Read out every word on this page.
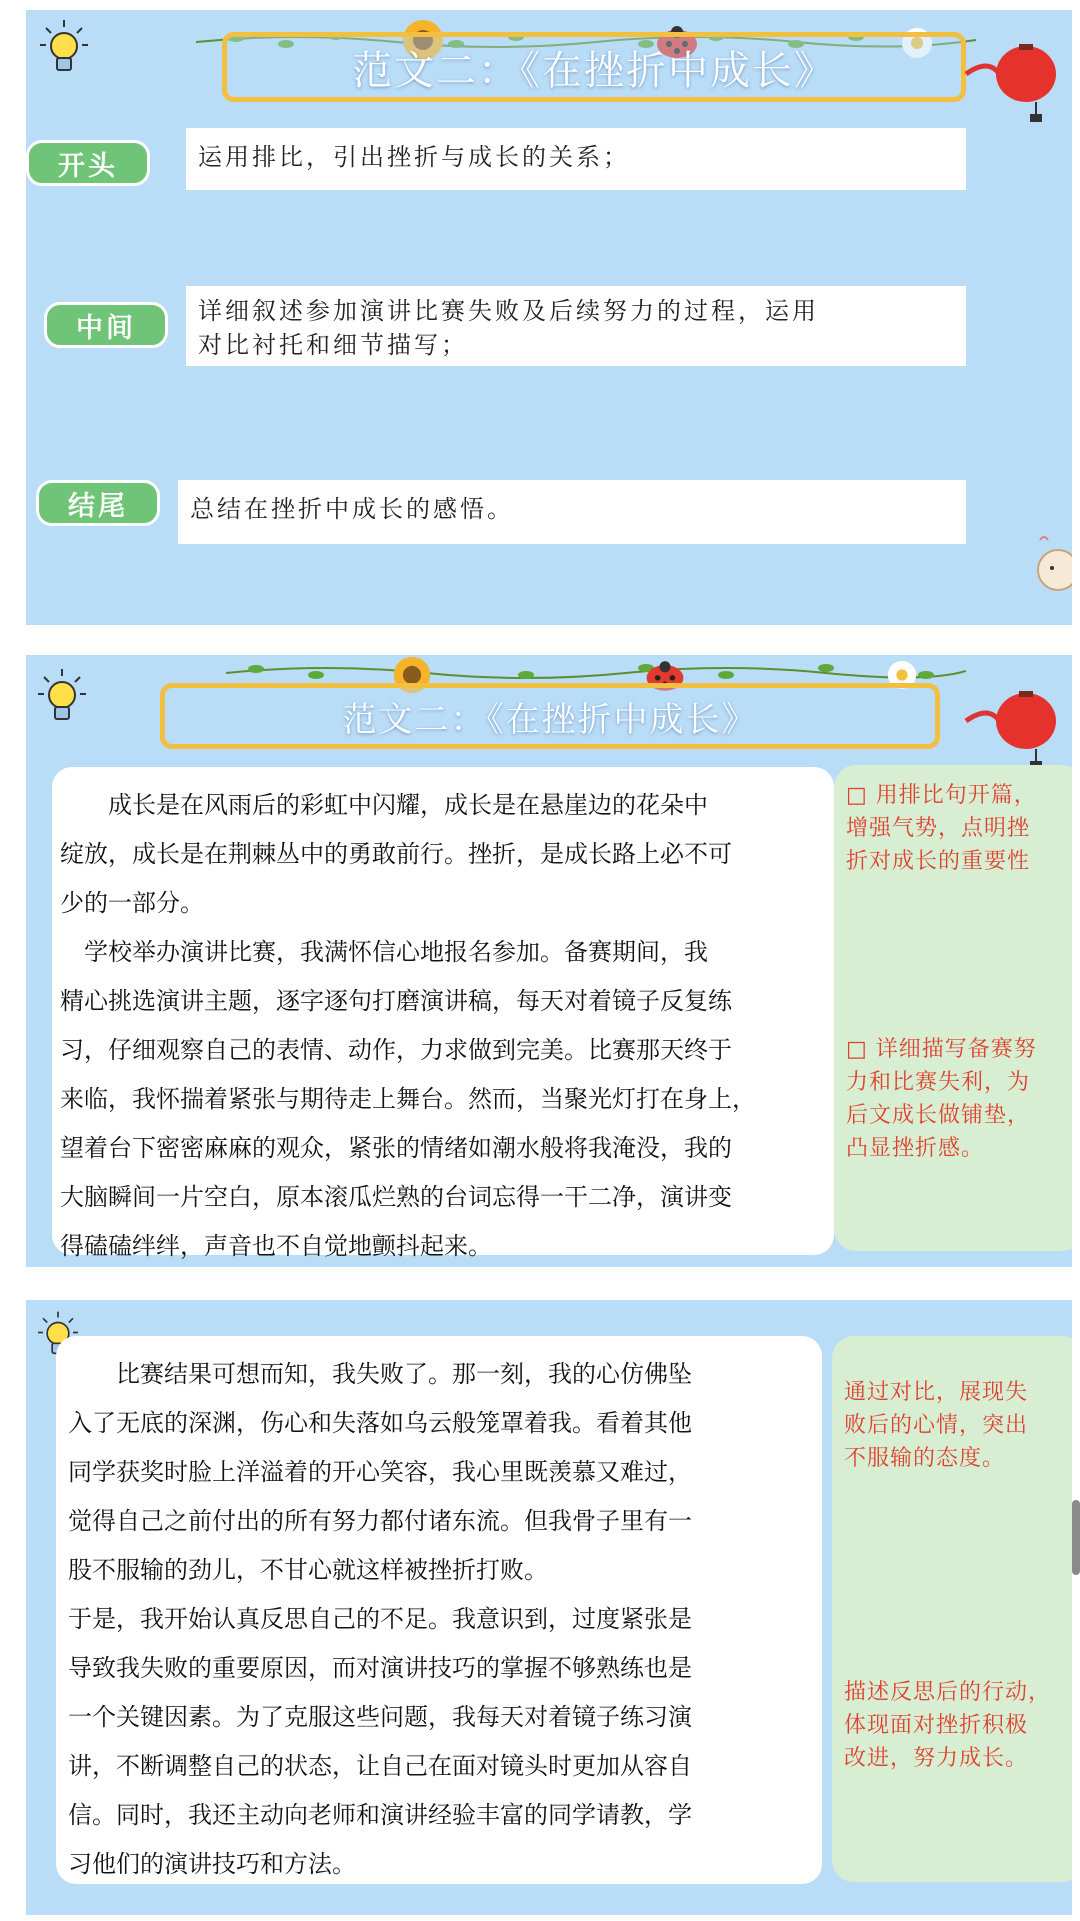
范文二：《在挫折中成长》
开头	运用排比，引出挫折与成长的关系；
中间
详细叙述参加演讲比赛失败及后续努力的过程，运用
对比衬托和细节描写；
结尾	总结在挫折中成长的感悟。
范文二：《在挫折中成长》

成长是在风雨后的彩虹中闪耀，成长是在悬崖边的花朵中

绽放，成长是在荆棘丛中的勇敢前行。挫折，是成长路上必不可

少的一部分。

学校举办演讲比赛，我满怀信心地报名参加。备赛期间，我

精心挑选演讲主题，逐字逐句打磨演讲稿，每天对着镜子反复练

习，仔细观察自己的表情、动作，力求做到完美。比赛那天终于

来临，我怀揣着紧张与期待走上舞台。然而，当聚光灯打在身上，

望着台下密密麻麻的观众，紧张的情绪如潮水般将我淹没，我的

大脑瞬间一片空白，原本滚瓜烂熟的台词忘得一干二净，演讲变

得磕磕绊绊，声音也不自觉地颤抖起来。

□ 用排比句开篇，

增强气势，点明挫

折对成长的重要性

□ 详细描写备赛努

力和比赛失利，为

后文成长做铺垫，

凸显挫折感。

比赛结果可想而知，我失败了。那一刻，我的心仿佛坠

入了无底的深渊，伤心和失落如乌云般笼罩着我。看着其他

同学获奖时脸上洋溢着的开心笑容，我心里既羡慕又难过，

觉得自己之前付出的所有努力都付诸东流。但我骨子里有一

股不服输的劲儿，不甘心就这样被挫折打败。

于是，我开始认真反思自己的不足。我意识到，过度紧张是

导致我失败的重要原因，而对演讲技巧的掌握不够熟练也是

一个关键因素。为了克服这些问题，我每天对着镜子练习演

讲，不断调整自己的状态，让自己在面对镜头时更加从容自

信。同时，我还主动向老师和演讲经验丰富的同学请教，学

习他们的演讲技巧和方法。

通过对比，展现失

败后的心情，突出

不服输的态度。

描述反思后的行动，

体现面对挫折积极

改进，努力成长。
